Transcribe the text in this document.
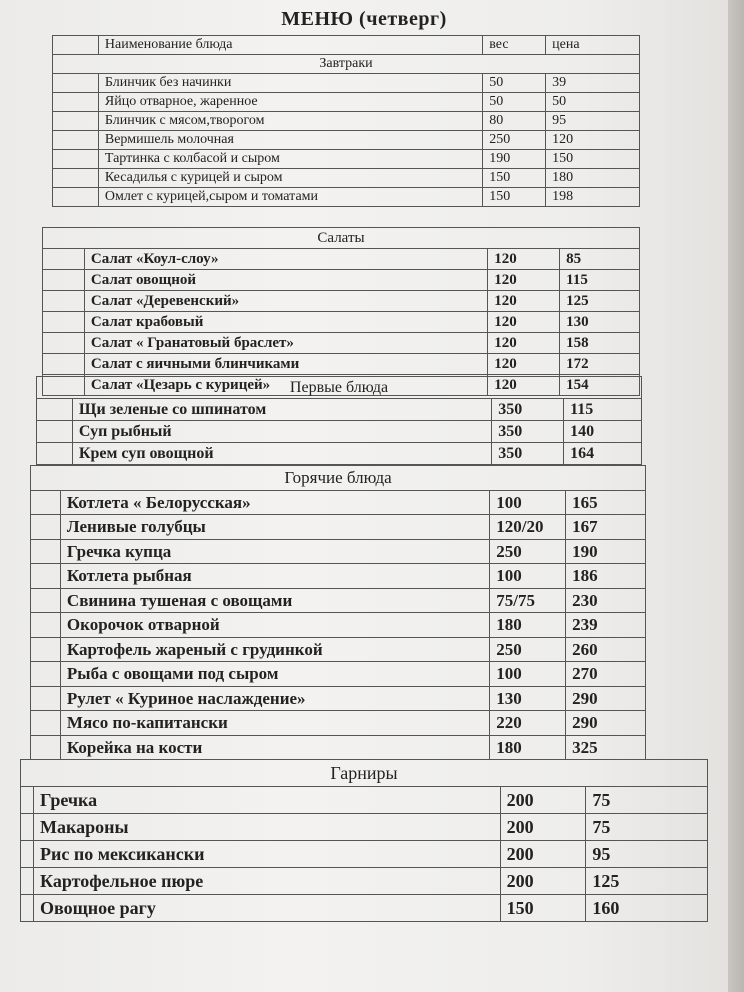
МЕНЮ (четверг)
	Наименование блюда	вес	цена
Завтраки			
	Блинчик без начинки	50	39
	Яйцо отварное, жаренное	50	50
	Блинчик с мясом,творогом	80	95
	Вермишель молочная	250	120
	Тартинка с колбасой и сыром	190	150
	Кесадилья с курицей и сыром	150	180
	Омлет с курицей,сыром и томатами	150	198
Салаты			
	Салат «Коул-слоу»	120	85
	Салат овощной	120	115
	Салат «Деревенский»	120	125
	Салат крабовый	120	130
	Салат « Гранатовый браслет»	120	158
	Салат с яичными блинчиками	120	172
	Салат «Цезарь с курицей»	120	154
Первые блюда			
	Щи зеленые со шпинатом	350	115
	Суп рыбный	350	140
	Крем суп овощной	350	164
Горячие блюда			
	Котлета « Белорусская»	100	165
	Ленивые голубцы	120/20	167
	Гречка купца	250	190
	Котлета рыбная	100	186
	Свинина тушеная с овощами	75/75	230
	Окорочок отварной	180	239
	Картофель жареный с грудинкой	250	260
	Рыба с овощами под сыром	100	270
	Рулет « Куриное наслаждение»	130	290
	Мясо по-капитански	220	290
	Корейка на кости	180	325
Гарниры			
	Гречка	200	75
	Макароны	200	75
	Рис по мексикански	200	95
	Картофельное пюре	200	125
	Овощное рагу	150	160
